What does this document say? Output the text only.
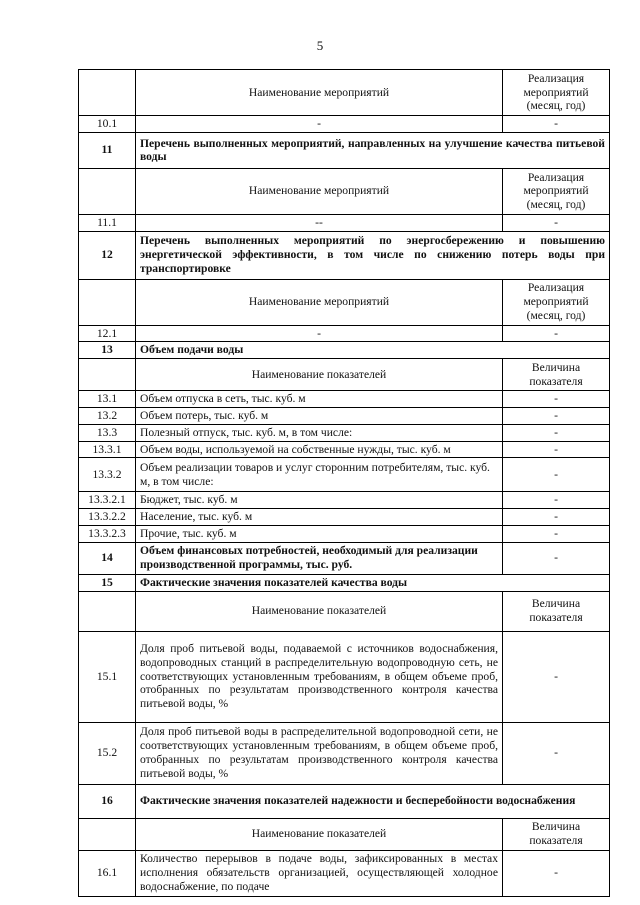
5
	Наименование мероприятий	Реализация мероприятий (месяц, год)
10.1	-	-
11	Перечень выполненных мероприятий, направленных на улучшение качества питьевой воды	
	Наименование мероприятий	Реализация мероприятий (месяц, год)
11.1	--	-
12	Перечень выполненных мероприятий по энергосбережению и повышению энергетической эффективности, в том числе по снижению потерь воды при транспортировке	
	Наименование мероприятий	Реализация мероприятий (месяц, год)
12.1	-	-
13	Объем подачи воды	
	Наименование показателей	Величина показателя
13.1	Объем отпуска в сеть, тыс. куб. м	-
13.2	Объем потерь, тыс. куб. м	-
13.3	Полезный отпуск, тыс. куб. м, в том числе:	-
13.3.1	Объем воды, используемой на собственные нужды, тыс. куб. м	-
13.3.2	Объем реализации товаров и услуг сторонним потребителям, тыс. куб. м, в том числе:	-
13.3.2.1	Бюджет, тыс. куб. м	-
13.3.2.2	Население, тыс. куб. м	-
13.3.2.3	Прочие, тыс. куб. м	-
14	Объем финансовых потребностей, необходимый для реализации производственной программы, тыс. руб.	-
15	Фактические значения показателей качества воды	
	Наименование показателей	Величина показателя
15.1	Доля проб питьевой воды, подаваемой с источников водоснабжения, водопроводных станций в распределительную водопроводную сеть, не соответствующих установленным требованиям, в общем объеме проб, отобранных по результатам производственного контроля качества питьевой воды, %	-
15.2	Доля проб питьевой воды в распределительной водопроводной сети, не соответствующих установленным требованиям, в общем объеме проб, отобранных по результатам производственного контроля качества питьевой воды, %	-
16	Фактические значения показателей надежности и бесперебойности водоснабжения	
	Наименование показателей	Величина показателя
16.1	Количество перерывов в подаче воды, зафиксированных в местах исполнения обязательств организацией, осуществляющей холодное водоснабжение, по подаче	-
